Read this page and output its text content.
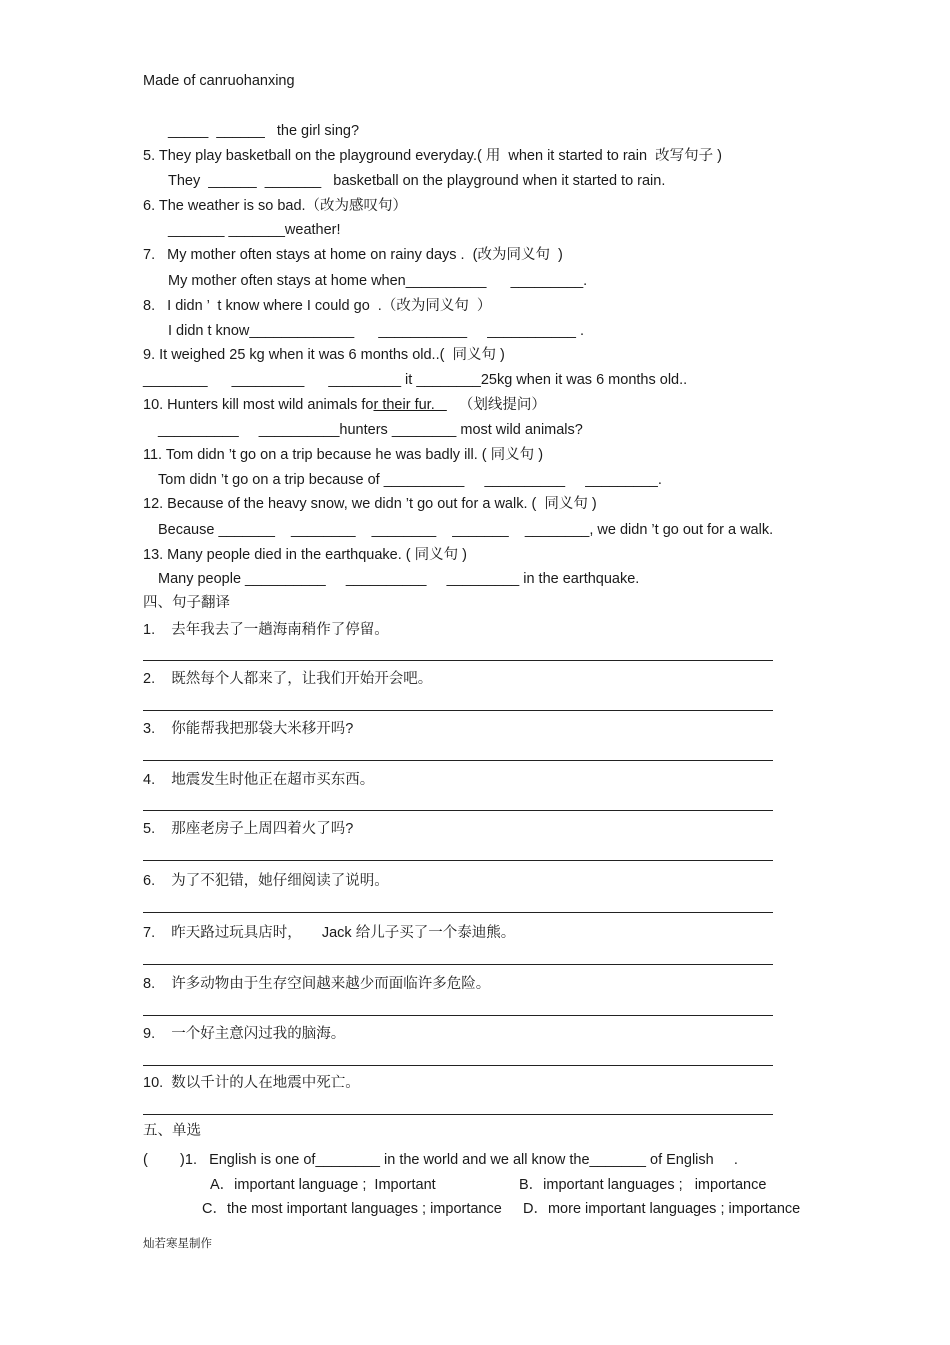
Made of canruohanxing
_____  ______   the girl sing?
5. They play basketball on the playground everyday.( 用  when it started to rain  改写句子 )
They  ______  _______   basketball on the playground when it started to rain.
6. The weather is so bad.（改为感叹句）
_______ _______weather!
7.   My mother often stays at home on rainy days .  (改为同义句  )
My mother often stays at home when__________      _________.
8.   I didn ’  t know where I could go  .（改为同义句  ）
I didn t know_____________      ___________     ___________ .
9. It weighed 25 kg when it was 6 months old..(  同义句 )
________      _________      _________ it ________25kg when it was 6 months old..
10. Hunters kill most wild animals for their fur.      （划线提问）
__________     __________hunters ________ most wild animals?
11. Tom didn ’t go on a trip because he was badly ill. ( 同义句 )
Tom didn ’t go on a trip because of __________     __________     _________.
12. Because of the heavy snow, we didn ’t go out for a walk. (  同义句 )
Because _______    ________    ________    _______    ________, we didn ’t go out for a walk.
13. Many people died in the earthquake. ( 同义句 )
Many people __________     __________     _________ in the earthquake.
四、句子翻译
1.    去年我去了一趟海南稍作了停留。
2.    既然每个人都来了，让我们开始开会吧。
3.    你能帮我把那袋大米移开吗?
4.    地震发生时他正在超市买东西。
5.    那座老房子上周四着火了吗?
6.    为了不犯错，她仔细阅读了说明。
7.    昨天路过玩具店时，     Jack 给儿子买了一个泰迪熊。
8.    许多动物由于生存空间越来越少而面临许多危险。
9.    一个好主意闪过我的脑海。
10.  数以千计的人在地震中死亡。
五、单选
(        )1.   English is one of________ in the world and we all know the_______ of English     .
A．important language ;  Important	B．important languages ;   importance
C．the most important languages ; importance D．more important languages ; importance
灿若寒星制作
